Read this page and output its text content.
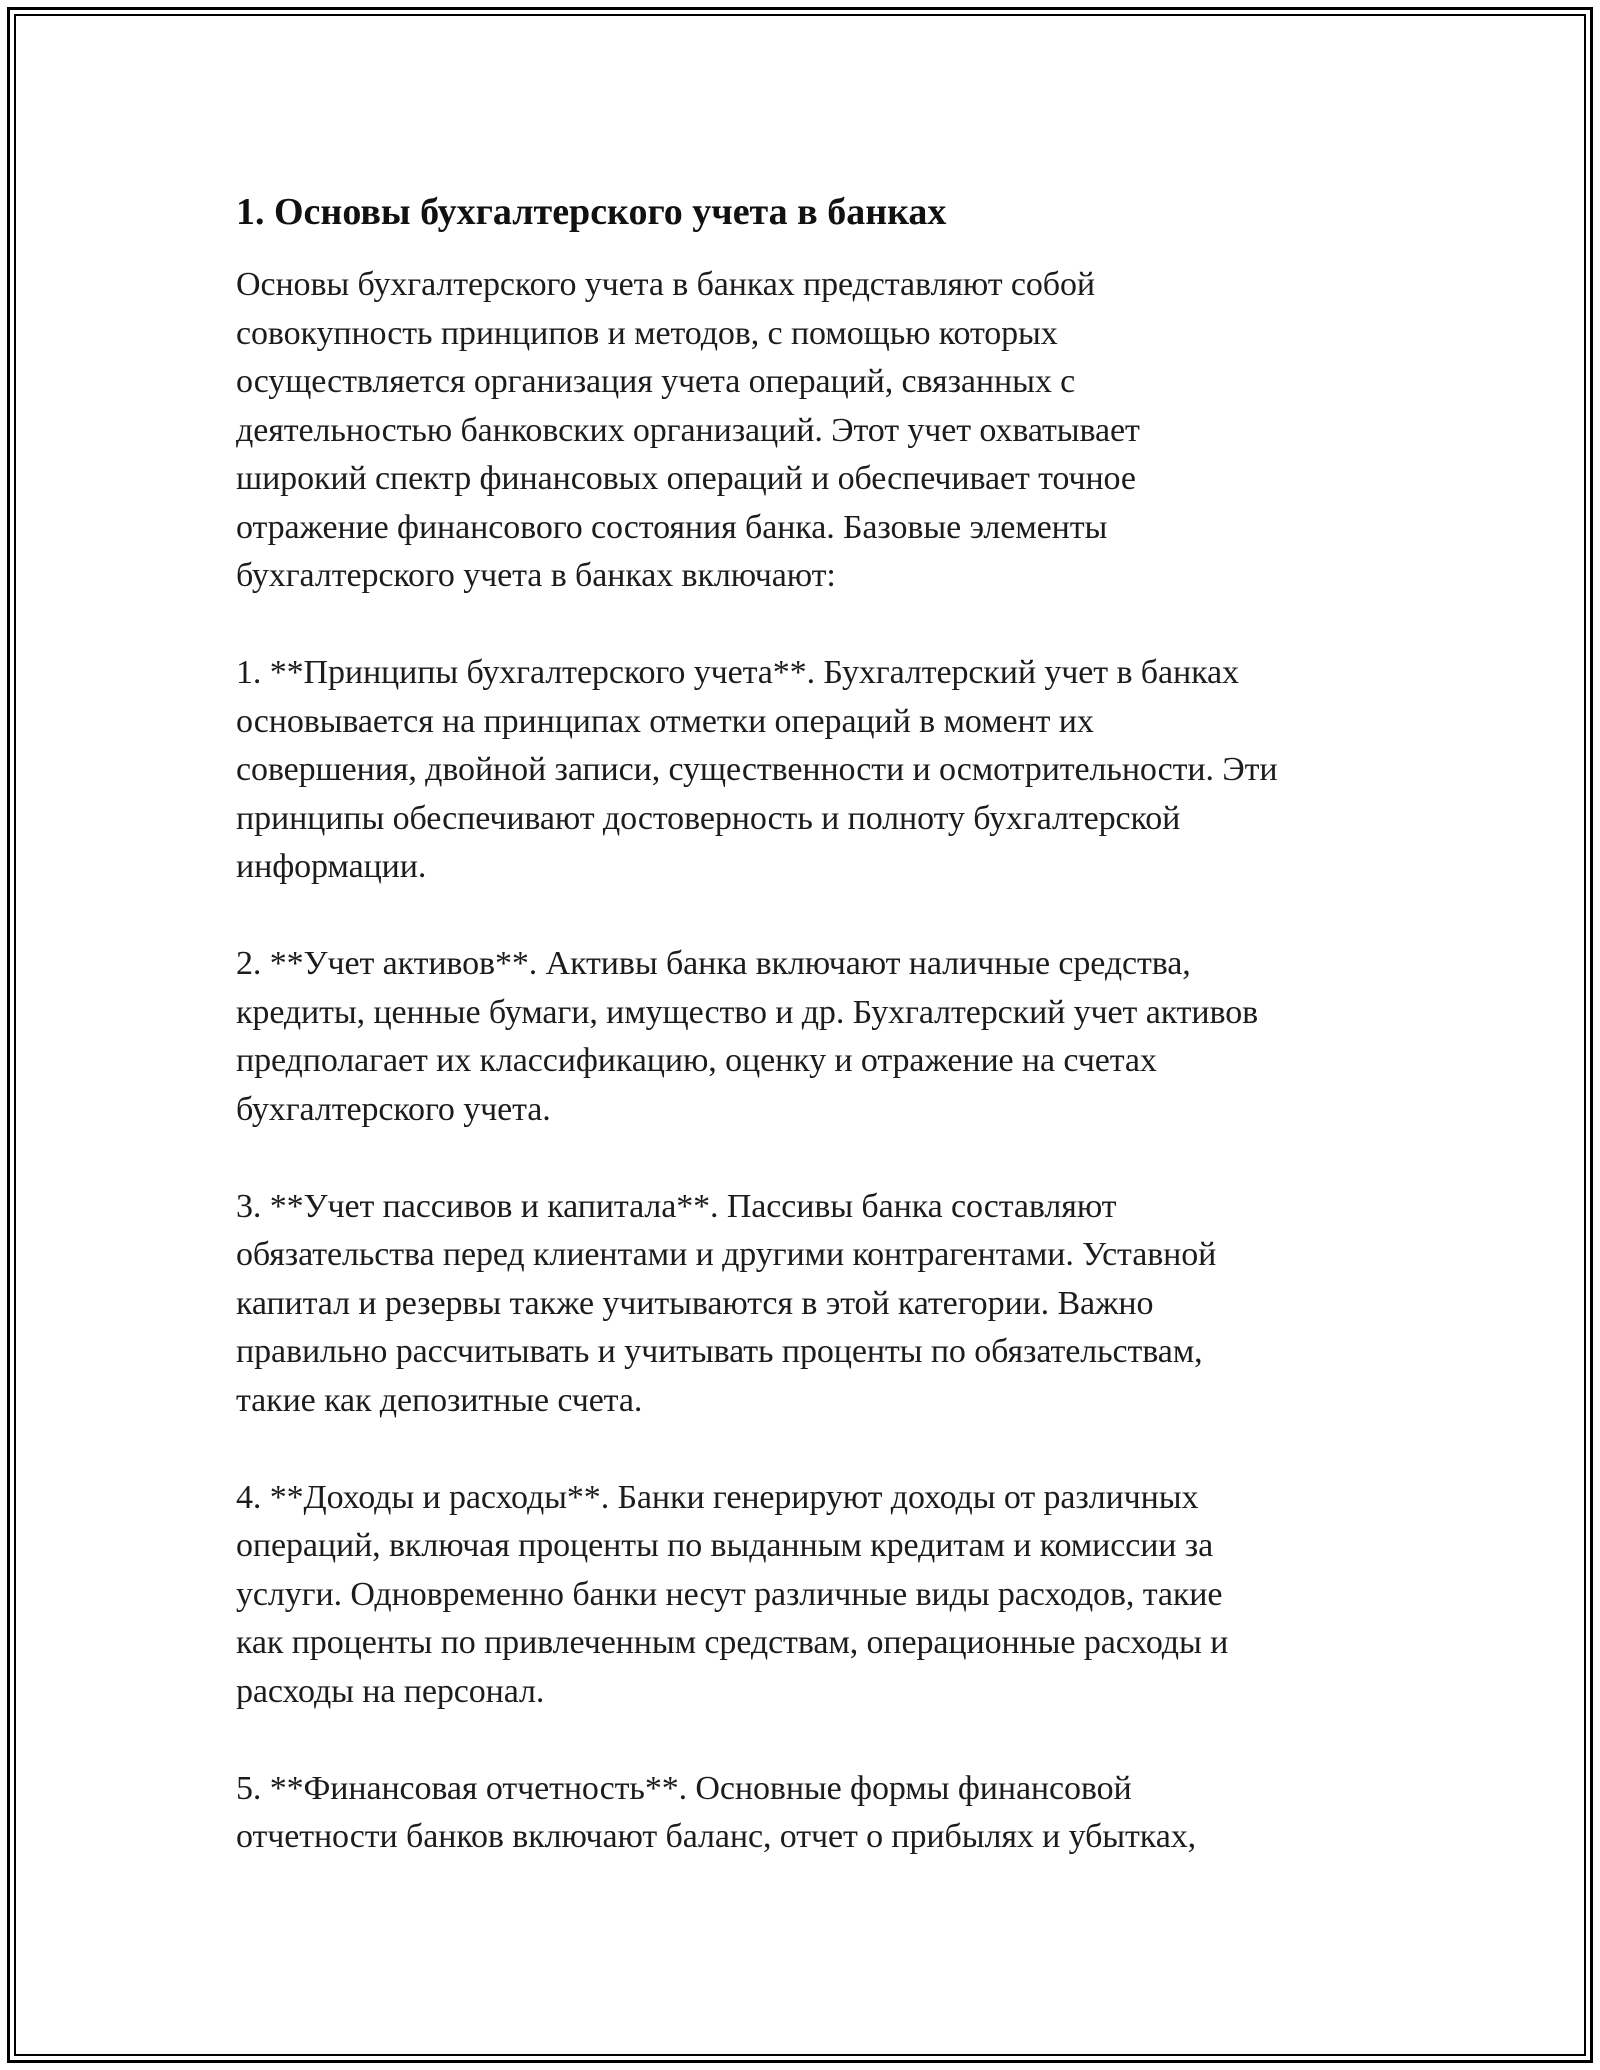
1. Основы бухгалтерского учета в банках

Основы бухгалтерского учета в банках представляют собой

совокупность принципов и методов, с помощью которых

осуществляется организация учета операций, связанных с

деятельностью банковских организаций. Этот учет охватывает

широкий спектр финансовых операций и обеспечивает точное

отражение финансового состояния банка. Базовые элементы

бухгалтерского учета в банках включают:

1. **Принципы бухгалтерского учета**. Бухгалтерский учет в банках

основывается на принципах отметки операций в момент их

совершения, двойной записи, существенности и осмотрительности. Эти

принципы обеспечивают достоверность и полноту бухгалтерской

информации.

2. **Учет активов**. Активы банка включают наличные средства,

кредиты, ценные бумаги, имущество и др. Бухгалтерский учет активов

предполагает их классификацию, оценку и отражение на счетах

бухгалтерского учета.

3. **Учет пассивов и капитала**. Пассивы банка составляют

обязательства перед клиентами и другими контрагентами. Уставной

капитал и резервы также учитываются в этой категории. Важно

правильно рассчитывать и учитывать проценты по обязательствам,

такие как депозитные счета.

4. **Доходы и расходы**. Банки генерируют доходы от различных

операций, включая проценты по выданным кредитам и комиссии за

услуги. Одновременно банки несут различные виды расходов, такие

как проценты по привлеченным средствам, операционные расходы и

расходы на персонал.

5. **Финансовая отчетность**. Основные формы финансовой

отчетности банков включают баланс, отчет о прибылях и убытках,
